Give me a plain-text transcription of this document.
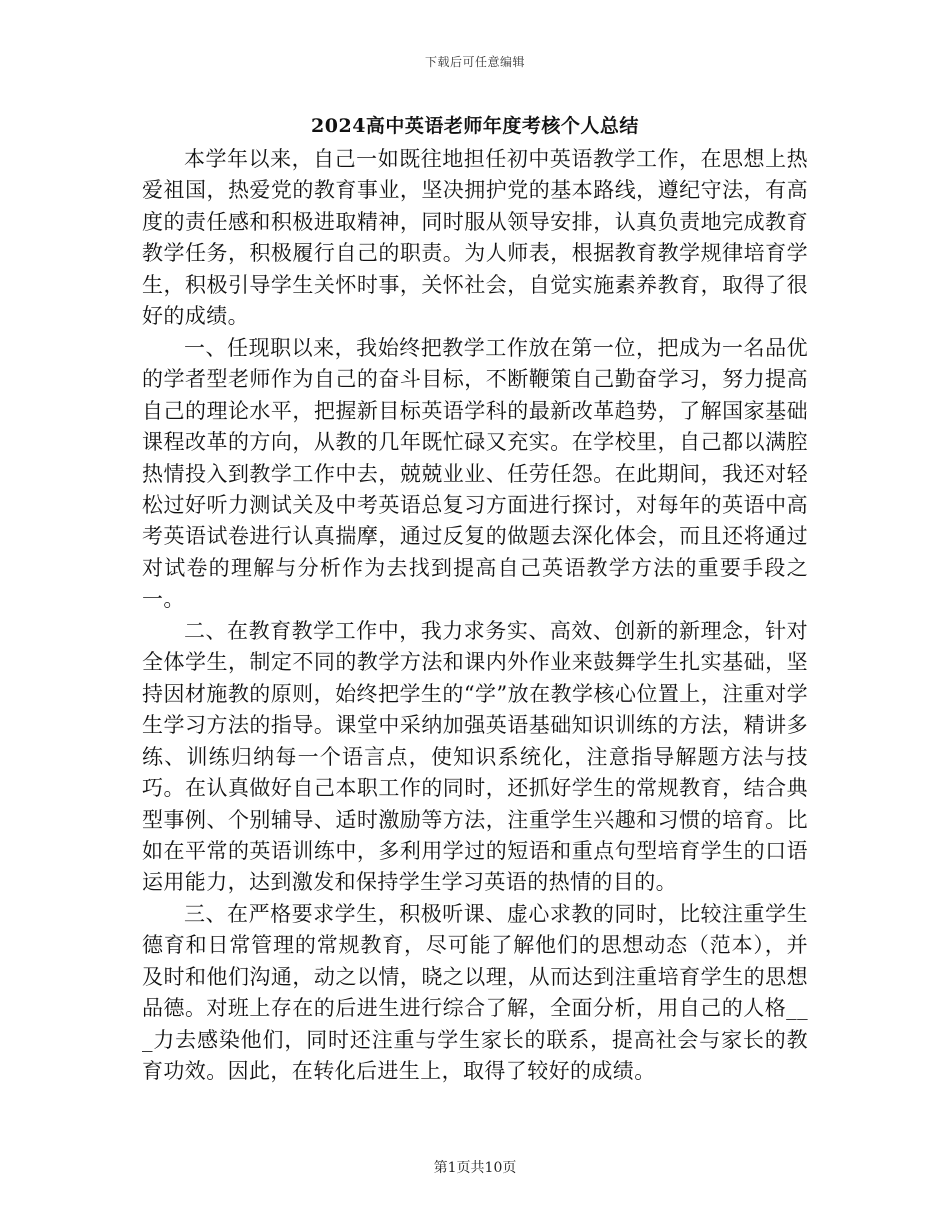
下载后可任意编辑
2024高中英语老师年度考核个人总结

本学年以来，自己一如既往地担任初中英语教学工作，在思想上热爱祖国，热爱党的教育事业，坚决拥护党的基本路线，遵纪守法，有高度的责任感和积极进取精神，同时服从领导安排，认真负责地完成教育教学任务，积极履行自己的职责。为人师表，根据教育教学规律培育学生，积极引导学生关怀时事，关怀社会，自觉实施素养教育，取得了很好的成绩。

一、任现职以来，我始终把教学工作放在第一位，把成为一名品优的学者型老师作为自己的奋斗目标，不断鞭策自己勤奋学习，努力提高自己的理论水平，把握新目标英语学科的最新改革趋势，了解国家基础课程改革的方向，从教的几年既忙碌又充实。在学校里，自己都以满腔热情投入到教学工作中去，兢兢业业、任劳任怨。在此期间，我还对轻松过好听力测试关及中考英语总复习方面进行探讨，对每年的英语中高考英语试卷进行认真揣摩，通过反复的做题去深化体会，而且还将通过对试卷的理解与分析作为去找到提高自己英语教学方法的重要手段之一。

二、在教育教学工作中，我力求务实、高效、创新的新理念，针对全体学生，制定不同的教学方法和课内外作业来鼓舞学生扎实基础，坚持因材施教的原则，始终把学生的“学”放在教学核心位置上，注重对学生学习方法的指导。课堂中采纳加强英语基础知识训练的方法，精讲多练、训练归纳每一个语言点，使知识系统化，注意指导解题方法与技巧。在认真做好自己本职工作的同时，还抓好学生的常规教育，结合典型事例、个别辅导、适时激励等方法，注重学生兴趣和习惯的培育。比如在平常的英语训练中，多利用学过的短语和重点句型培育学生的口语运用能力，达到激发和保持学生学习英语的热情的目的。

三、在严格要求学生，积极听课、虚心求教的同时，比较注重学生德育和日常管理的常规教育，尽可能了解他们的思想动态（范本），并及时和他们沟通，动之以情，晓之以理，从而达到注重培育学生的思想品德。对班上存在的后进生进行综合了解，全面分析，用自己的人格___力去感染他们，同时还注重与学生家长的联系，提高社会与家长的教育功效。因此，在转化后进生上，取得了较好的成绩。

第1页共10页
